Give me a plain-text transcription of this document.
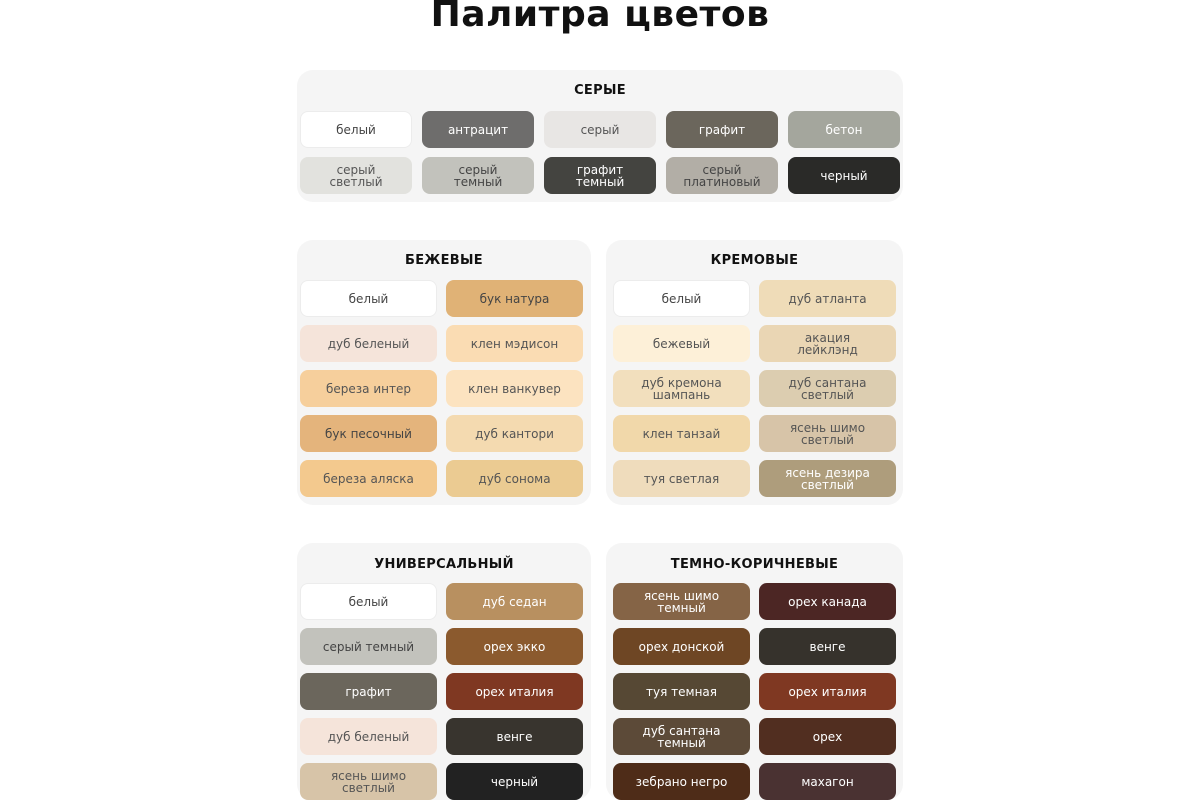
Палитра цветов
СЕРЫЕ
белый	антрацит	серый	графит	бетон
серый
светлый
серый
темный
графит
темный
серый
платиновый	черный
БЕЖЕВЫЕ
белый	бук натура
дуб беленый	клен мэдисон
береза интер	клен ванкувер
бук песочный	дуб кантори
береза аляска	дуб сонома
КРЕМОВЫЕ
белый	дуб атланта
бежевый	акация
лейклэнд
дуб кремона
шампань
дуб сантана
светлый
клен танзай	ясень шимо
светлый
туя светлая	ясень дезира
светлый
УНИВЕРСАЛЬНЫЙ
белый	дуб седан
серый темный	орех экко
графит	орех италия
дуб беленый	венге
ясень шимо
светлый	черный
ТЕМНО-КОРИЧНЕВЫЕ
ясень шимо
темный	орех канада
орех донской	венге
туя темная	орех италия
дуб сантана
темный	орех
зебрано негро	махагон
